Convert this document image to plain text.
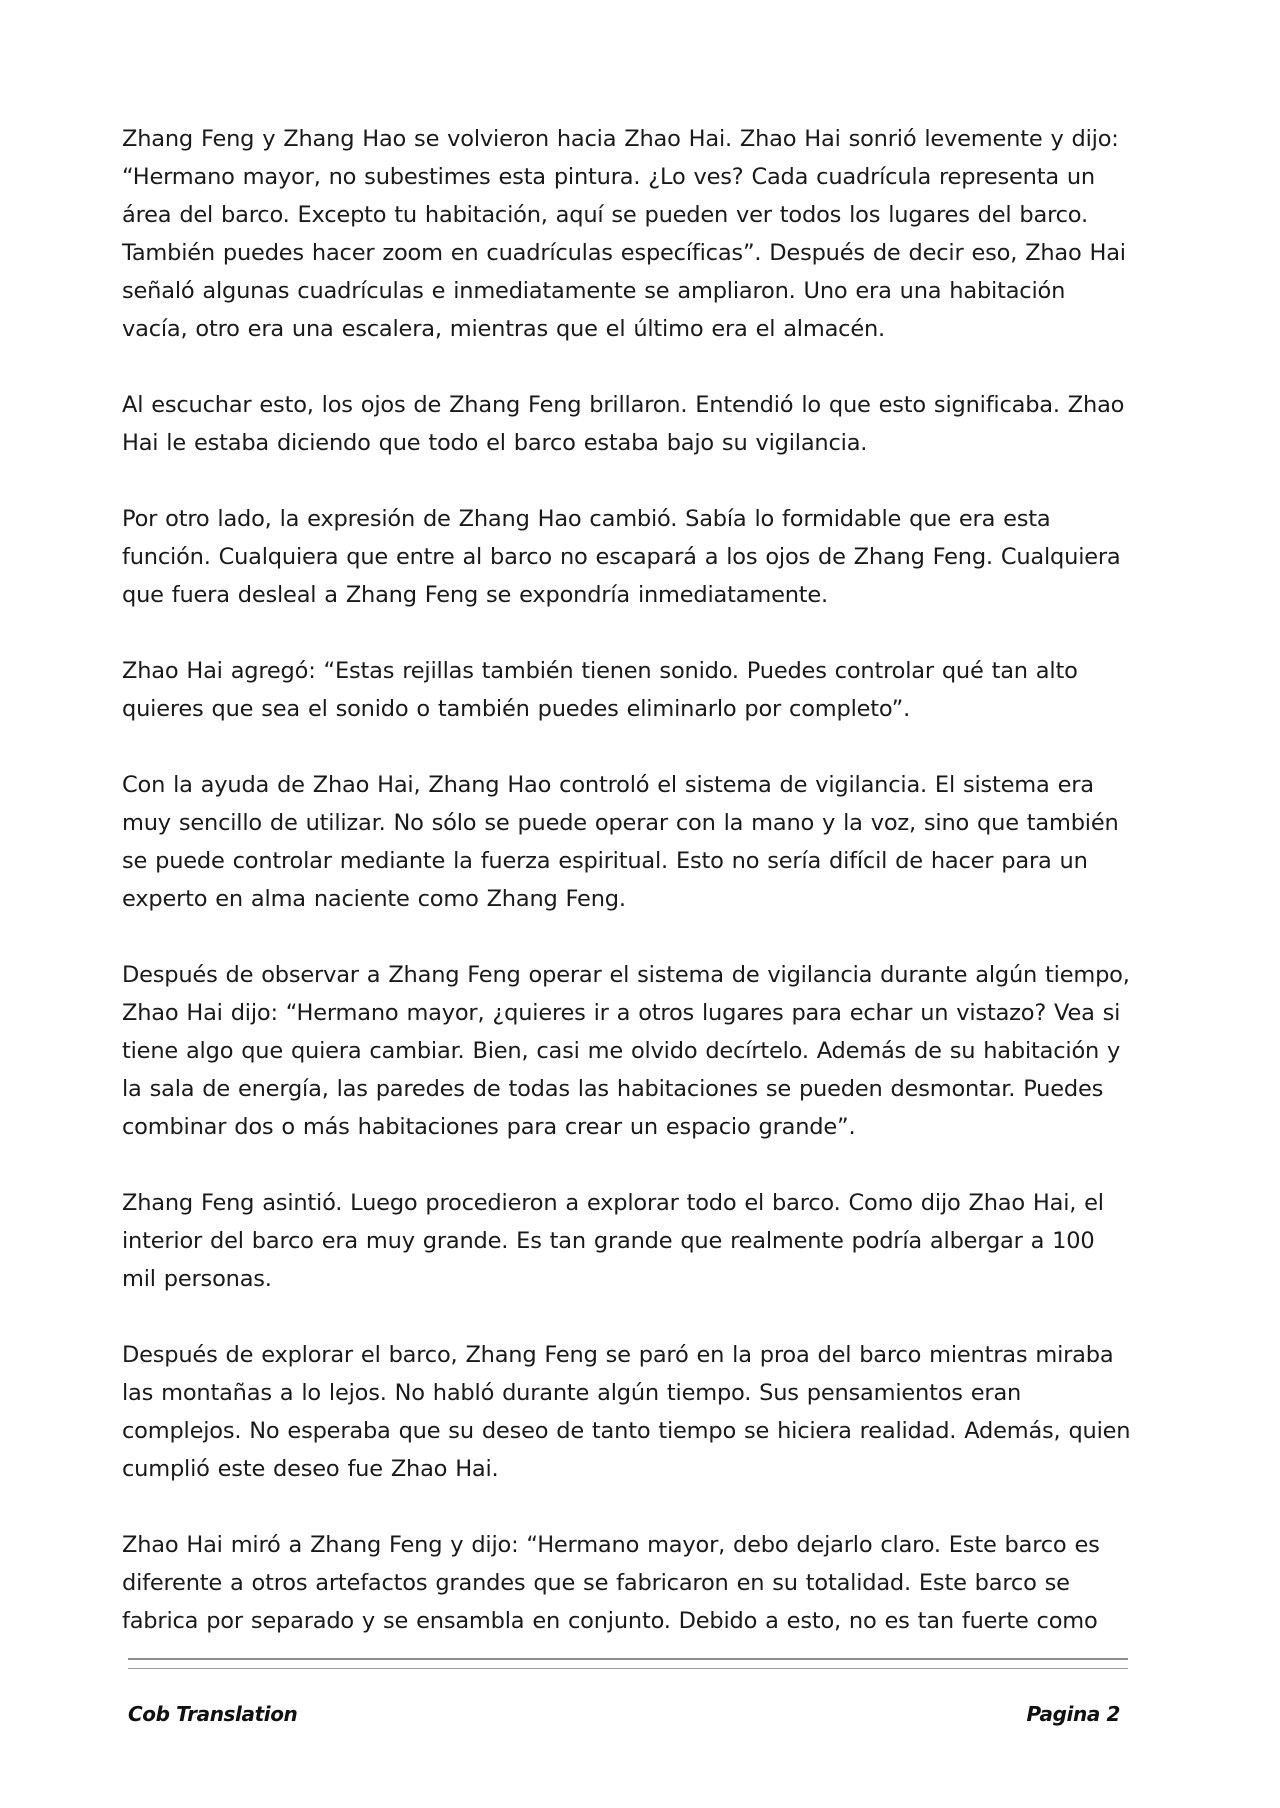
Zhang Feng y Zhang Hao se volvieron hacia Zhao Hai. Zhao Hai sonrió levemente y dijo: “Hermano mayor, no subestimes esta pintura. ¿Lo ves? Cada cuadrícula representa un área del barco. Excepto tu habitación, aquí se pueden ver todos los lugares del barco. También puedes hacer zoom en cuadrículas específicas”. Después de decir eso, Zhao Hai señaló algunas cuadrículas e inmediatamente se ampliaron. Uno era una habitación vacía, otro era una escalera, mientras que el último era el almacén.

Al escuchar esto, los ojos de Zhang Feng brillaron. Entendió lo que esto significaba. Zhao Hai le estaba diciendo que todo el barco estaba bajo su vigilancia.

Por otro lado, la expresión de Zhang Hao cambió. Sabía lo formidable que era esta función. Cualquiera que entre al barco no escapará a los ojos de Zhang Feng. Cualquiera que fuera desleal a Zhang Feng se expondría inmediatamente.

Zhao Hai agregó: “Estas rejillas también tienen sonido. Puedes controlar qué tan alto quieres que sea el sonido o también puedes eliminarlo por completo”.

Con la ayuda de Zhao Hai, Zhang Hao controló el sistema de vigilancia. El sistema era muy sencillo de utilizar. No sólo se puede operar con la mano y la voz, sino que también se puede controlar mediante la fuerza espiritual. Esto no sería difícil de hacer para un experto en alma naciente como Zhang Feng.

Después de observar a Zhang Feng operar el sistema de vigilancia durante algún tiempo, Zhao Hai dijo: “Hermano mayor, ¿quieres ir a otros lugares para echar un vistazo? Vea si tiene algo que quiera cambiar. Bien, casi me olvido decírtelo. Además de su habitación y la sala de energía, las paredes de todas las habitaciones se pueden desmontar. Puedes combinar dos o más habitaciones para crear un espacio grande”.

Zhang Feng asintió. Luego procedieron a explorar todo el barco. Como dijo Zhao Hai, el interior del barco era muy grande. Es tan grande que realmente podría albergar a 100 mil personas.

Después de explorar el barco, Zhang Feng se paró en la proa del barco mientras miraba las montañas a lo lejos. No habló durante algún tiempo. Sus pensamientos eran complejos. No esperaba que su deseo de tanto tiempo se hiciera realidad. Además, quien cumplió este deseo fue Zhao Hai.

Zhao Hai miró a Zhang Feng y dijo: “Hermano mayor, debo dejarlo claro. Este barco es diferente a otros artefactos grandes que se fabricaron en su totalidad. Este barco se fabrica por separado y se ensambla en conjunto. Debido a esto, no es tan fuerte como

Cob Translation	Pagina 2
